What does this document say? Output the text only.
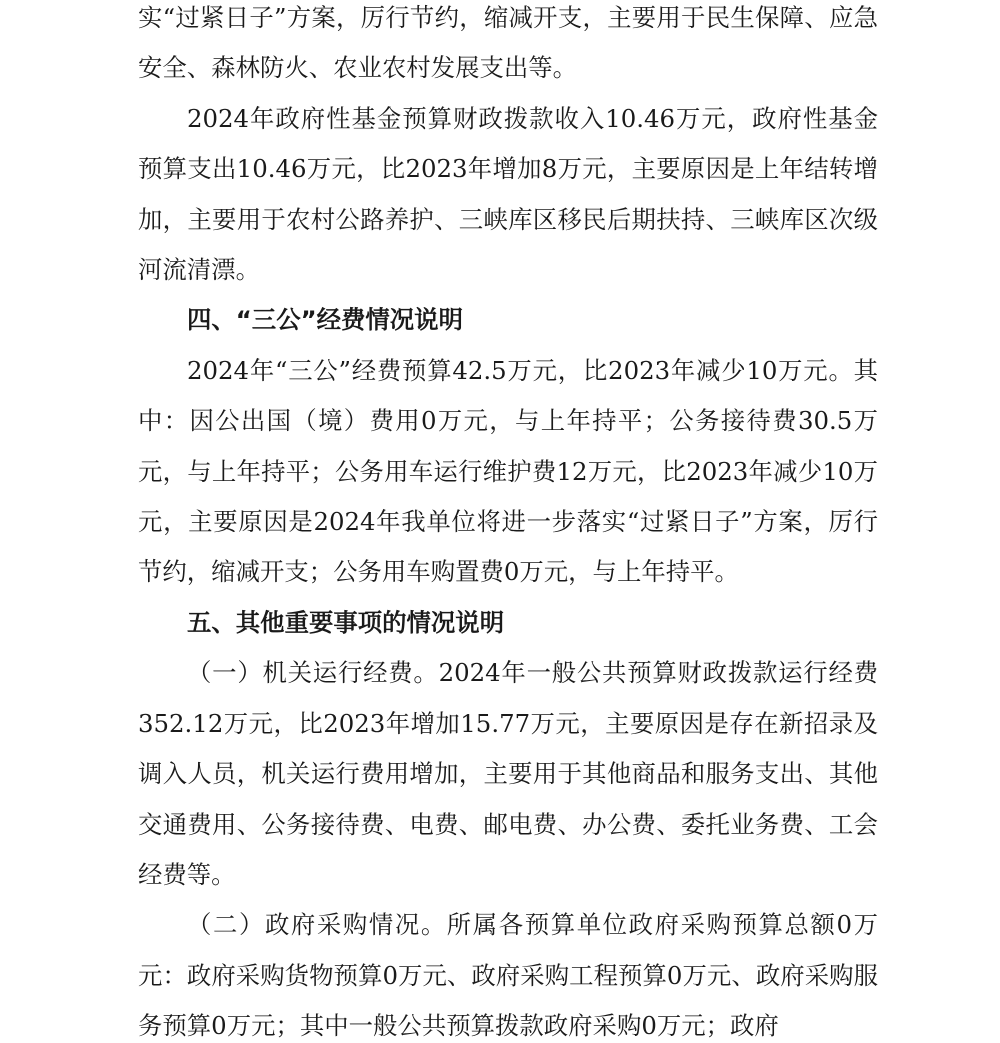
实“过紧日子”方案，厉行节约，缩减开支，主要用于民生保障、应急安全、森林防火、农业农村发展支出等。

2024年政府性基金预算财政拨款收入10.46万元，政府性基金预算支出10.46万元，比2023年增加8万元，主要原因是上年结转增加，主要用于农村公路养护、三峡库区移民后期扶持、三峡库区次级河流清漂。

四、“三公”经费情况说明

2024年“三公”经费预算42.5万元，比2023年减少10万元。其中：因公出国（境）费用0万元，与上年持平；公务接待费30.5万元，与上年持平；公务用车运行维护费12万元，比2023年减少10万元，主要原因是2024年我单位将进一步落实“过紧日子”方案，厉行节约，缩减开支；公务用车购置费0万元，与上年持平。

五、其他重要事项的情况说明

（一）机关运行经费。2024年一般公共预算财政拨款运行经费352.12万元，比2023年增加15.77万元，主要原因是存在新招录及调入人员，机关运行费用增加，主要用于其他商品和服务支出、其他交通费用、公务接待费、电费、邮电费、办公费、委托业务费、工会经费等。

（二）政府采购情况。所属各预算单位政府采购预算总额0万元：政府采购货物预算0万元、政府采购工程预算0万元、政府采购服务预算0万元；其中一般公共预算拨款政府采购0万元；政府
